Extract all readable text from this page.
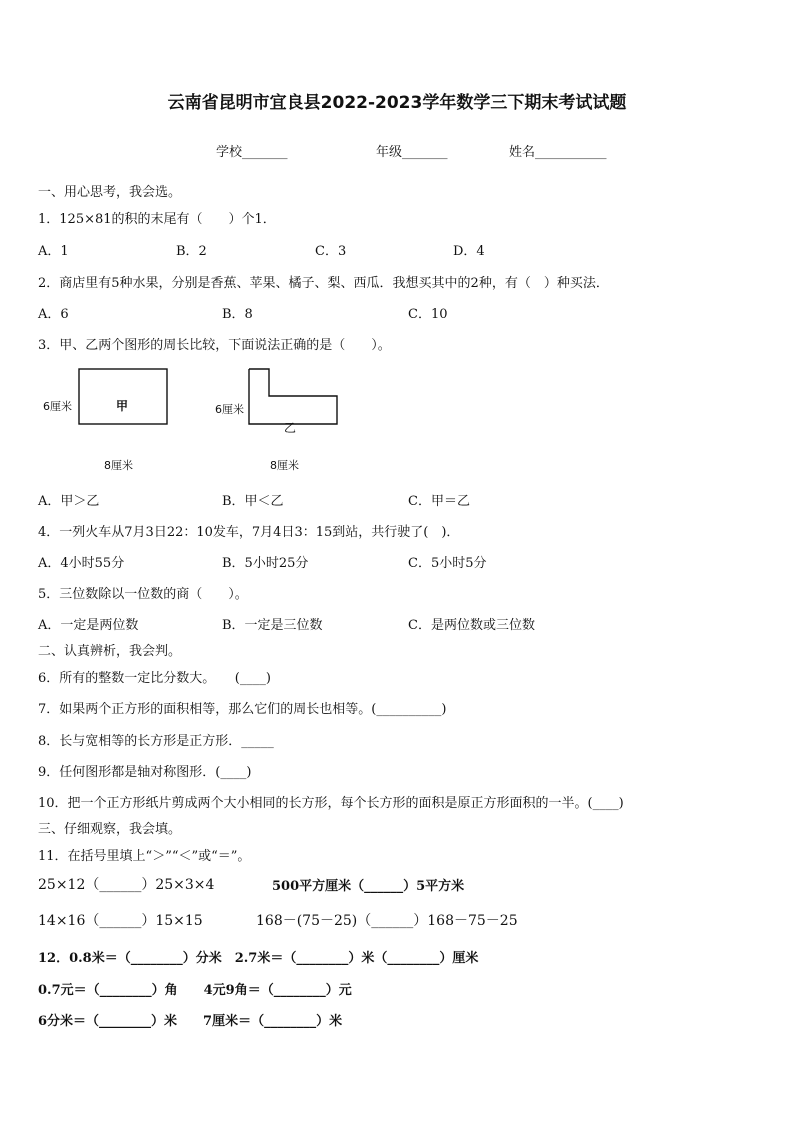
云南省昆明市宜良县2022-2023学年数学三下期末考试试题
学校_______	年级_______	姓名___________
一、用心思考，我会选。
1．125×81的积的末尾有（　　）个1．
A．1	B．2	C．3	D．4
2．商店里有5种水果，分别是香蕉、苹果、橘子、梨、西瓜．我想买其中的2种，有（　）种买法．
A．6	B．8	C．10
3．甲、乙两个图形的周长比较，下面说法正确的是（　　）。
6厘米	甲
8厘米
6厘米
乙
8厘米
A．甲＞乙	B．甲＜乙	C．甲＝乙
4．一列火车从7月3日22：10发车，7月4日3：15到站，共行驶了(　)．
A．4小时55分	B．5小时25分	C．5小时5分
5．三位数除以一位数的商（　　）。
A．一定是两位数	B．一定是三位数	C．是两位数或三位数
二、认真辨析，我会判。
6．所有的整数一定比分数大。　　(____)
7．如果两个正方形的面积相等，那么它们的周长也相等。(__________)
8．长与宽相等的长方形是正方形．_____
9．任何图形都是轴对称图形．(____)
10．把一个正方形纸片剪成两个大小相同的长方形，每个长方形的面积是原正方形面积的一半。(____)
三、仔细观察，我会填。
11．在括号里填上“＞”“＜”或“＝”。
25×12（______）25×3×4	500平方厘米（______）5平方米
14×16（______）15×15	168－(75－25)（______）168－75－25
12．0.8米＝（________）分米　2.7米＝（________）米（________）厘米
0.7元＝（________）角　　4元9角＝（________）元
6分米＝（________）米　　7厘米＝（________）米
